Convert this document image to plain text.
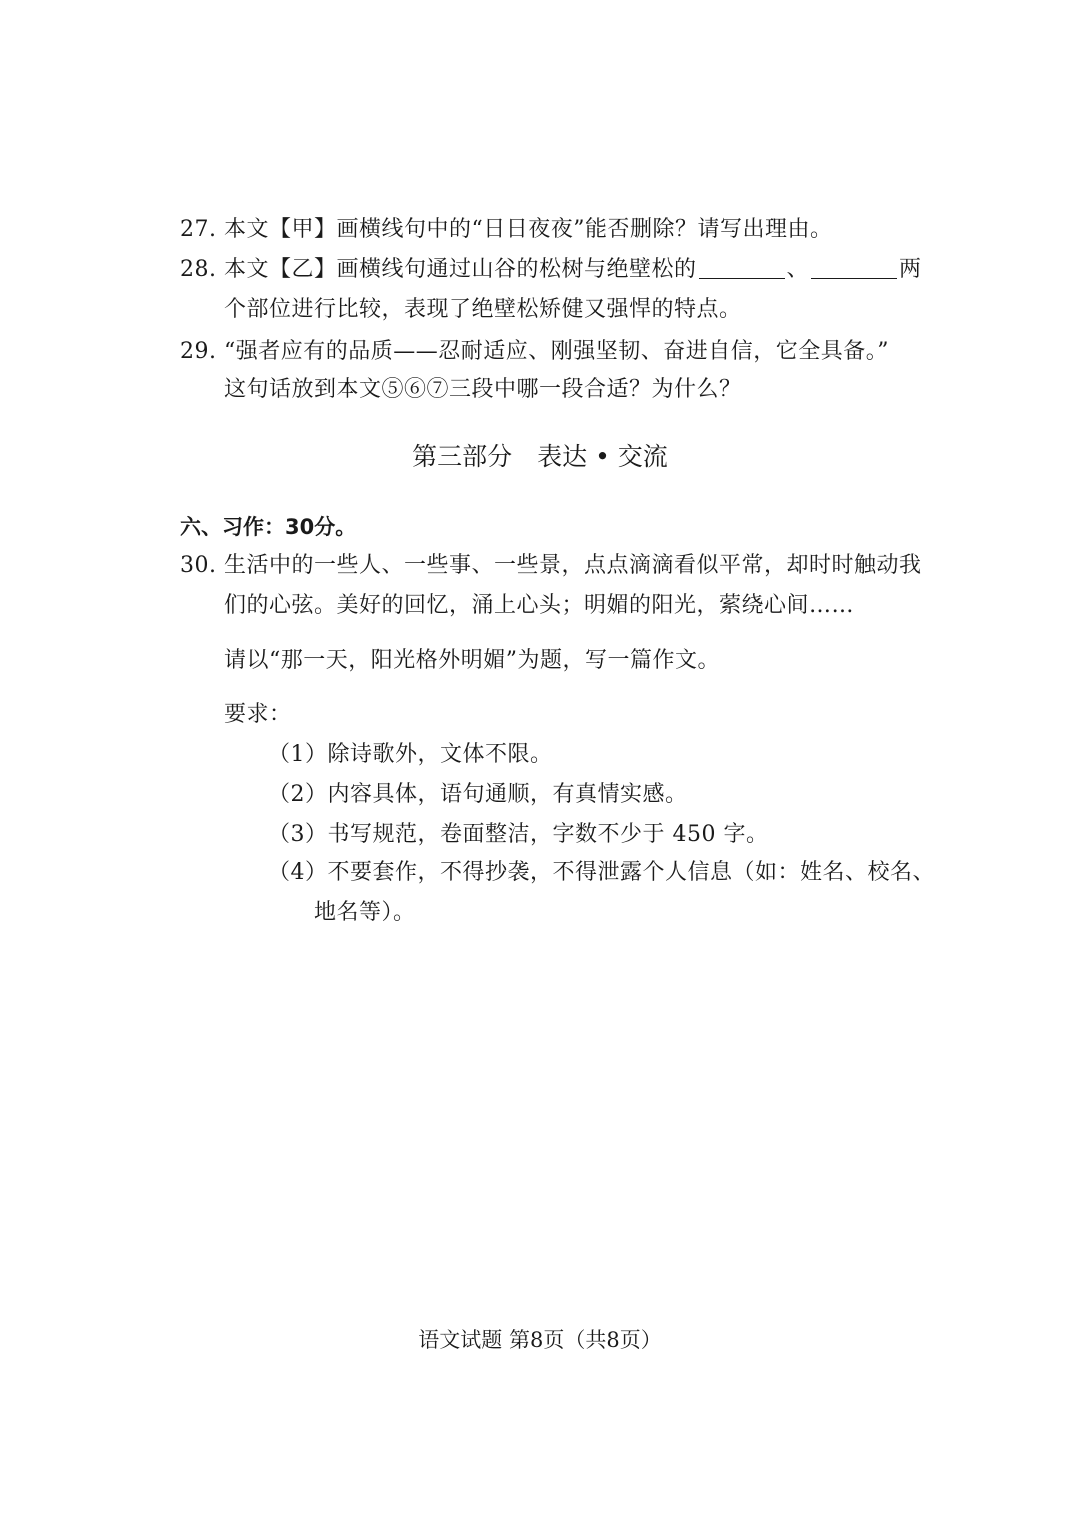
27. 本文【甲】画横线句中的“日日夜夜”能否删除？请写出理由。
28. 本文【乙】画横线句通过山谷的松树与绝壁松的	、	两
个部位进行比较，表现了绝壁松矫健又强悍的特点。
29. “强者应有的品质——忍耐适应、刚强坚韧、奋进自信，它全具备。”
这句话放到本文⑤⑥⑦三段中哪一段合适？为什么？
第三部分　表达 • 交流
六、习作：30分。
30. 生活中的一些人、一些事、一些景，点点滴滴看似平常，却时时触动我
们的心弦。美好的回忆，涌上心头；明媚的阳光，萦绕心间……
请以“那一天，阳光格外明媚”为题，写一篇作文。
要求：
（1）除诗歌外，文体不限。
（2）内容具体，语句通顺，有真情实感。
（3）书写规范，卷面整洁，字数不少于 450 字。
（4）不要套作，不得抄袭，不得泄露个人信息（如：姓名、校名、
地名等）。
语文试题 第8页（共8页）
